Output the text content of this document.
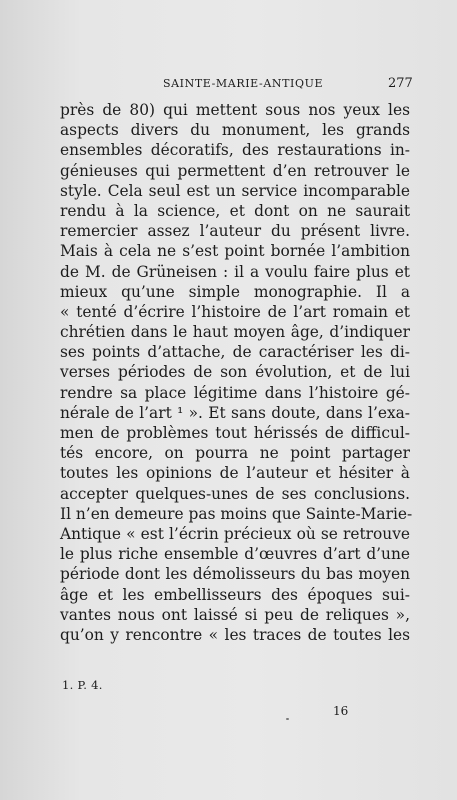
SAINTE-MARIE-ANTIQUE	277
près de 80) qui mettent sous nos yeux les
aspects divers du monument, les grands
ensembles décoratifs, des restaurations in-
génieuses qui permettent d’en retrouver le
style. Cela seul est un service incomparable
rendu à la science, et dont on ne saurait
remercier assez l’auteur du présent livre.
Mais à cela ne s’est point bornée l’ambition
de M. de Grüneisen : il a voulu faire plus et
mieux qu’une simple monographie. Il a
« tenté d’écrire l’histoire de l’art romain et
chrétien dans le haut moyen âge, d’indiquer
ses points d’attache, de caractériser les di-
verses périodes de son évolution, et de lui
rendre sa place légitime dans l’histoire gé-
nérale de l’art ¹ ». Et sans doute, dans l’exa-
men de problèmes tout hérissés de difficul-
tés encore, on pourra ne point partager
toutes les opinions de l’auteur et hésiter à
accepter quelques-unes de ses conclusions.
Il n’en demeure pas moins que Sainte-Marie-
Antique « est l’écrin précieux où se retrouve
le plus riche ensemble d’œuvres d’art d’une
période dont les démolisseurs du bas moyen
âge et les embellisseurs des époques sui-
vantes nous ont laissé si peu de reliques »,
qu’on y rencontre « les traces de toutes les
1. P. 4.
16
